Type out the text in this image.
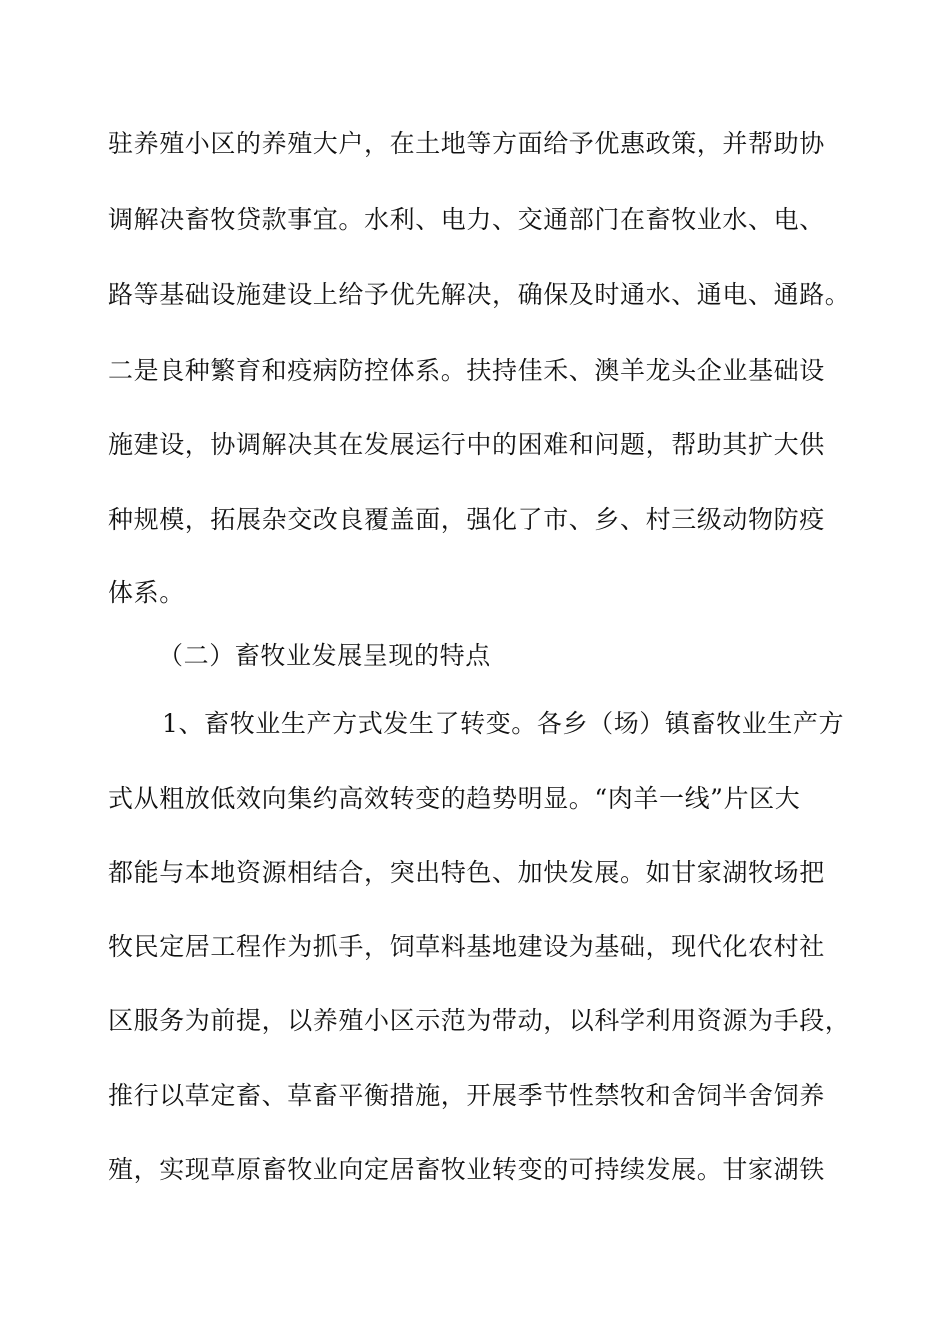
驻养殖小区的养殖大户，在土地等方面给予优惠政策，并帮助协
调解决畜牧贷款事宜。水利、电力、交通部门在畜牧业水、电、
路等基础设施建设上给予优先解决，确保及时通水、通电、通路。
二是良种繁育和疫病防控体系。扶持佳禾、澳羊龙头企业基础设
施建设，协调解决其在发展运行中的困难和问题，帮助其扩大供
种规模，拓展杂交改良覆盖面，强化了市、乡、村三级动物防疫
体系。
（二）畜牧业发展呈现的特点
1、畜牧业生产方式发生了转变。各乡（场）镇畜牧业生产方
式从粗放低效向集约高效转变的趋势明显。“肉羊一线”片区大
都能与本地资源相结合，突出特色、加快发展。如甘家湖牧场把
牧民定居工程作为抓手，饲草料基地建设为基础，现代化农村社
区服务为前提，以养殖小区示范为带动，以科学利用资源为手段，
推行以草定畜、草畜平衡措施，开展季节性禁牧和舍饲半舍饲养
殖，实现草原畜牧业向定居畜牧业转变的可持续发展。甘家湖铁
